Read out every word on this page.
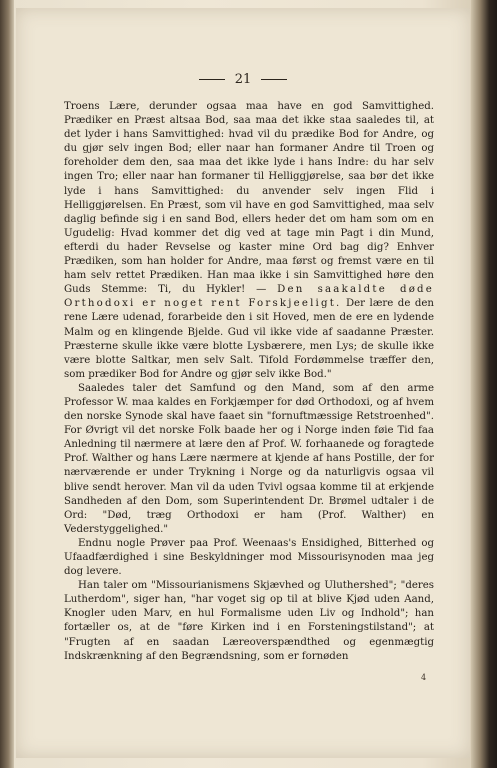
21

Troens Lære, derunder ogsaa maa have en god Samvittighed. Prædiker en Præst altsaa Bod, saa maa det ikke staa saaledes til, at det lyder i hans Samvittighed: hvad vil du prædike Bod for Andre, og du gjør selv ingen Bod; eller naar han formaner Andre til Troen og foreholder dem den, saa maa det ikke lyde i hans Indre: du har selv ingen Tro; eller naar han formaner til Helliggjørelse, saa bør det ikke lyde i hans Samvittighed: du anvender selv ingen Flid i Helliggjørelsen. En Præst, som vil have en god Samvittighed, maa selv daglig befinde sig i en sand Bod, ellers heder det om ham som om en Ugudelig: Hvad kommer det dig ved at tage min Pagt i din Mund, efterdi du hader Revselse og kaster mine Ord bag dig? Enhver Prædiken, som han holder for Andre, maa først og fremst være en til ham selv rettet Prædiken. Han maa ikke i sin Samvittighed høre den Guds Stemme: Ti, du Hykler! — Den saakaldte døde Orthodoxi er noget rent Forskjeeligt. Der lære de den rene Lære udenad, forarbeide den i sit Hoved, men de ere en lydende Malm og en klingende Bjelde. Gud vil ikke vide af saadanne Præster. Præsterne skulle ikke være blotte Lysbærere, men Lys; de skulle ikke være blotte Saltkar, men selv Salt. Tifold Fordømmelse træffer den, som prædiker Bod for Andre og gjør selv ikke Bod."

Saaledes taler det Samfund og den Mand, som af den arme Professor W. maa kaldes en Forkjæmper for død Orthodoxi, og af hvem den norske Synode skal have faaet sin "fornuftmæssige Retstroenhed". For Øvrigt vil det norske Folk baade her og i Norge inden føie Tid faa Anledning til nærmere at lære den af Prof. W. forhaanede og foragtede Prof. Walther og hans Lære nærmere at kjende af hans Postille, der for nærværende er under Trykning i Norge og da naturligvis ogsaa vil blive sendt herover. Man vil da uden Tvivl ogsaa komme til at erkjende Sandheden af den Dom, som Superintendent Dr. Brømel udtaler i de Ord: "Død, træg Orthodoxi er ham (Prof. Walther) en Vederstyggelighed."

Endnu nogle Prøver paa Prof. Weenaas's Ensidighed, Bitterhed og Ufaadfærdighed i sine Beskyldninger mod Missourisynoden maa jeg dog levere.

Han taler om "Missourianismens Skjævhed og Uluthershed"; "deres Lutherdom", siger han, "har voget sig op til at blive Kjød uden Aand, Knogler uden Marv, en hul Formalisme uden Liv og Indhold"; han fortæller os, at de "føre Kirken ind i en Forsteningstilstand"; at "Frugten af en saadan Læreoverspændthed og egenmægtig Indskrænkning af den Begrændsning, som er fornøden

4
